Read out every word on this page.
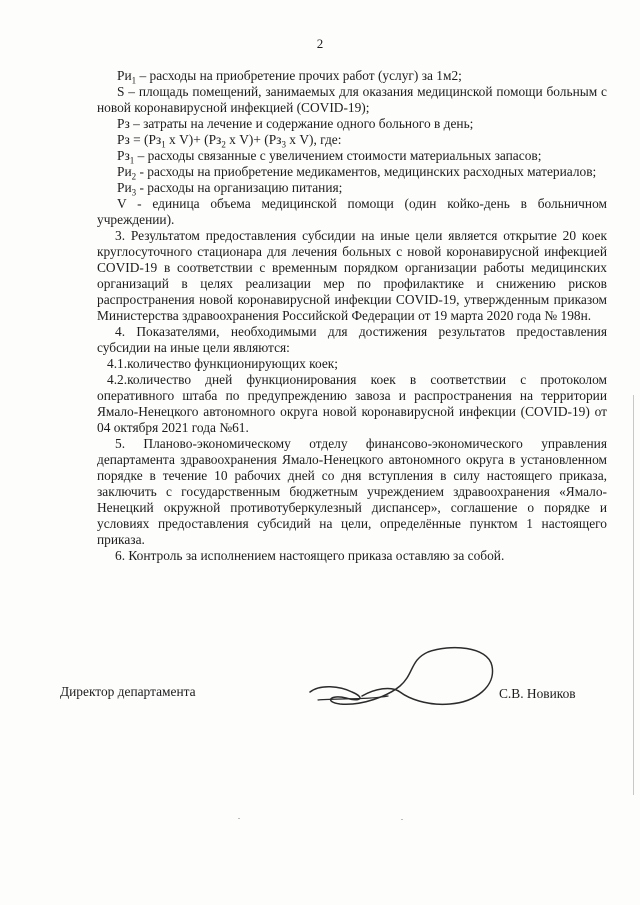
2

$Ри_1$ – расходы на приобретение прочих работ (услуг) за 1м2;

S – площадь помещений, занимаемых для оказания медицинской помощи больным с новой коронавирусной инфекцией (COVID-19);

Рз – затраты на лечение и содержание одного больного в день;

Рз = ($Рз_1$ х $V)+ (Рз_2$ х $V)+ (Рз_3$ х V), где:

$Рз_1$ – расходы связанные с увеличением стоимости материальных запасов;

$Ри_2$ - расходы на приобретение медикаментов, медицинских расходных материалов;

$Ри_3$ - расходы на организацию питания;

V - единица объема медицинской помощи (один койко-день в больничном учреждении).

3. Результатом предоставления субсидии на иные цели является открытие 20 коек круглосуточного стационара для лечения больных с новой коронавирусной инфекцией COVID-19 в соответствии с временным порядком организации работы медицинских организаций в целях реализации мер по профилактике и снижению рисков распространения новой коронавирусной инфекции COVID-19, утвержденным приказом Министерства здравоохранения Российской Федерации от 19 марта 2020 года № 198н.

4. Показателями, необходимыми для достижения результатов предоставления субсидии на иные цели являются:

4.1.количество функционирующих коек;

4.2.количество дней функционирования коек в соответствии с протоколом оперативного штаба по предупреждению завоза и распространения на территории Ямало-Ненецкого автономного округа новой коронавирусной инфекции (COVID-19) от 04 октября 2021 года №61.

5. Планово-экономическому отделу финансово-экономического управления департамента здравоохранения Ямало-Ненецкого автономного округа в установленном порядке в течение 10 рабочих дней со дня вступления в силу настоящего приказа, заключить с государственным бюджетным учреждением здравоохранения «Ямало-Ненецкий окружной противотуберкулезный диспансер», соглашение о порядке и условиях предоставления субсидий на цели, определённые пунктом 1 настоящего приказа.

6. Контроль за исполнением настоящего приказа оставляю за собой.

Директор департамента	С.В. Новиков
